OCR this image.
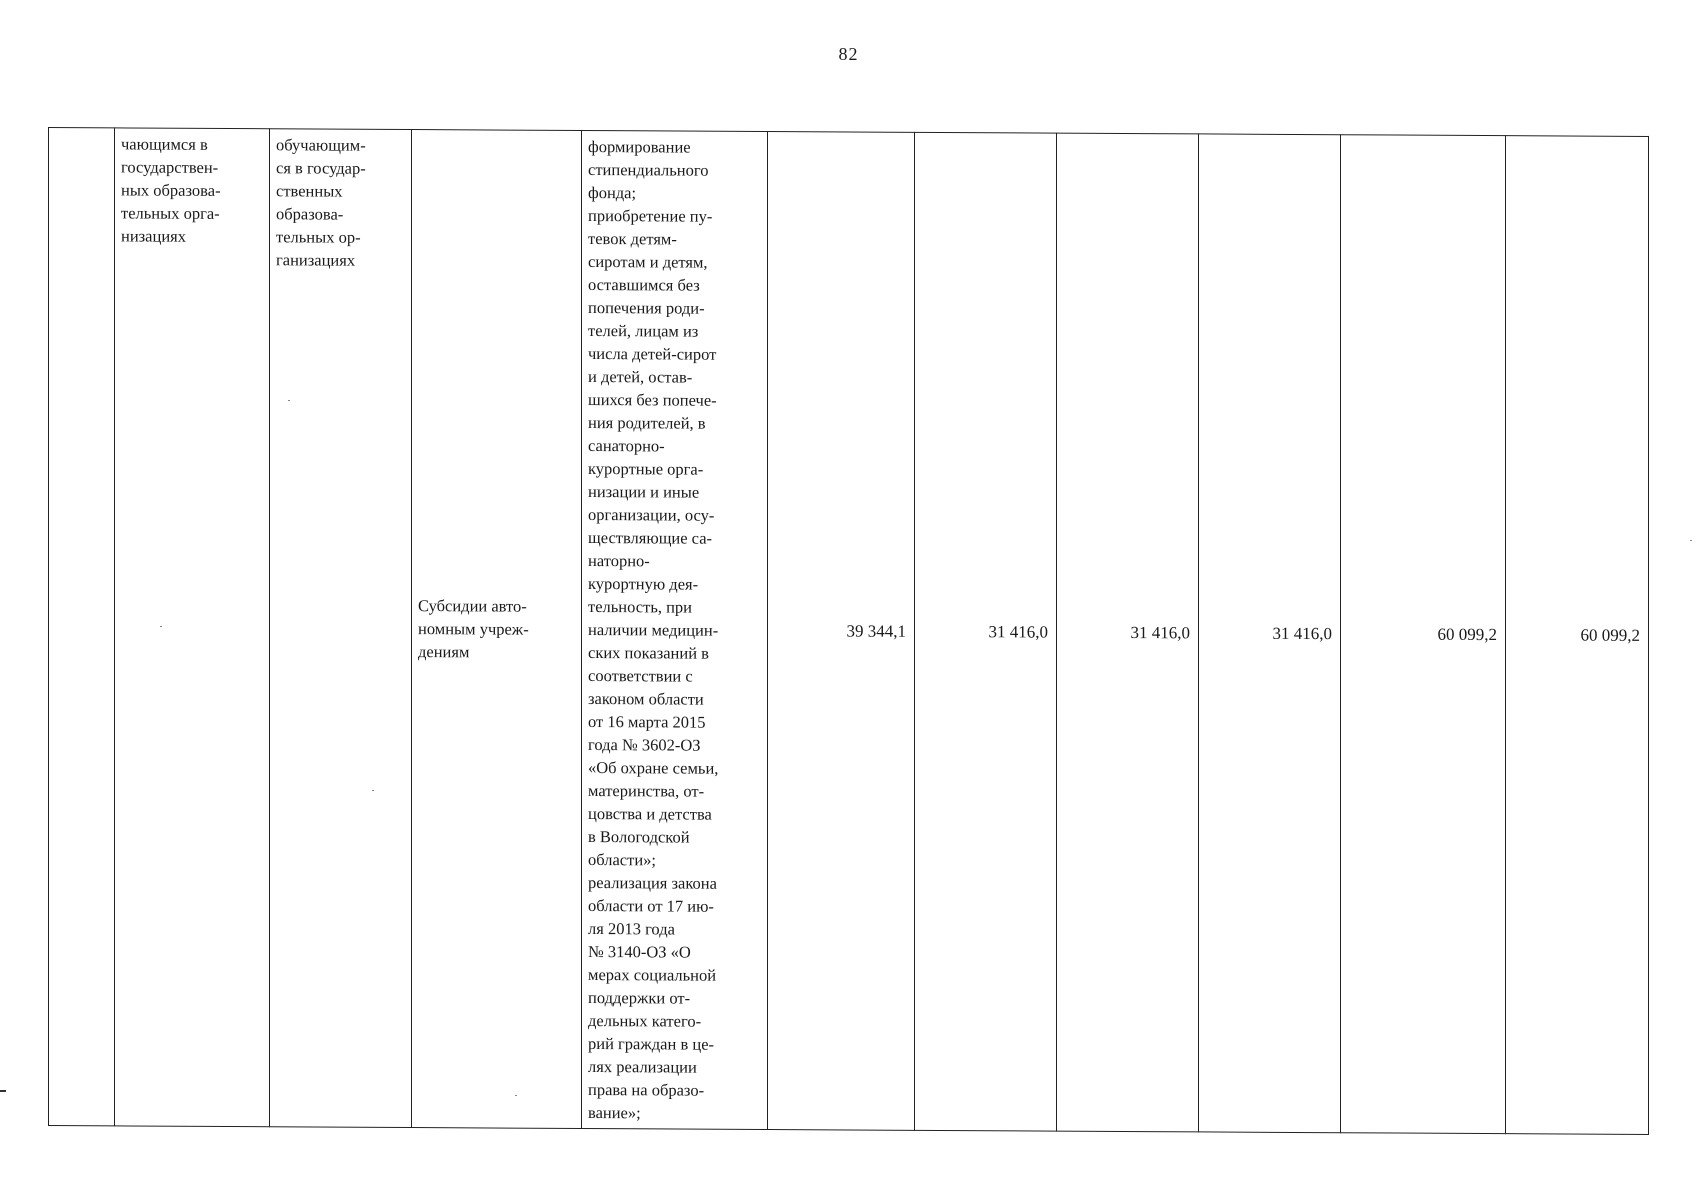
82

чающимся в
государствен-
ных образова-
тельных орга-
низациях

обучающим-
ся в государ-
ственных
образова-
тельных ор-
ганизациях

Субсидии авто-
номным учреж-
дениям

формирование
стипендиального
фонда;
приобретение пу-
тевок детям-
сиротам и детям,
оставшимся без
попечения роди-
телей, лицам из
числа детей-сирот
и детей, остав-
шихся без попече-
ния родителей, в
санаторно-
курортные орга-
низации и иные
организации, осу-
ществляющие са-
наторно-
курортную дея-
тельность, при
наличии медицин-
ских показаний в
соответствии с
законом области
от 16 марта 2015
года № 3602-ОЗ
«Об охране семьи,
материнства, от-
цовства и детства
в Вологодской
области»;
реализация закона
области от 17 ию-
ля 2013 года
№ 3140-ОЗ «О
мерах социальной
поддержки от-
дельных катего-
рий граждан в це-
лях реализации
права на образо-
вание»;
	39 344,1	31 416,0	31 416,0	31 416,0	60 099,2	60 099,2
